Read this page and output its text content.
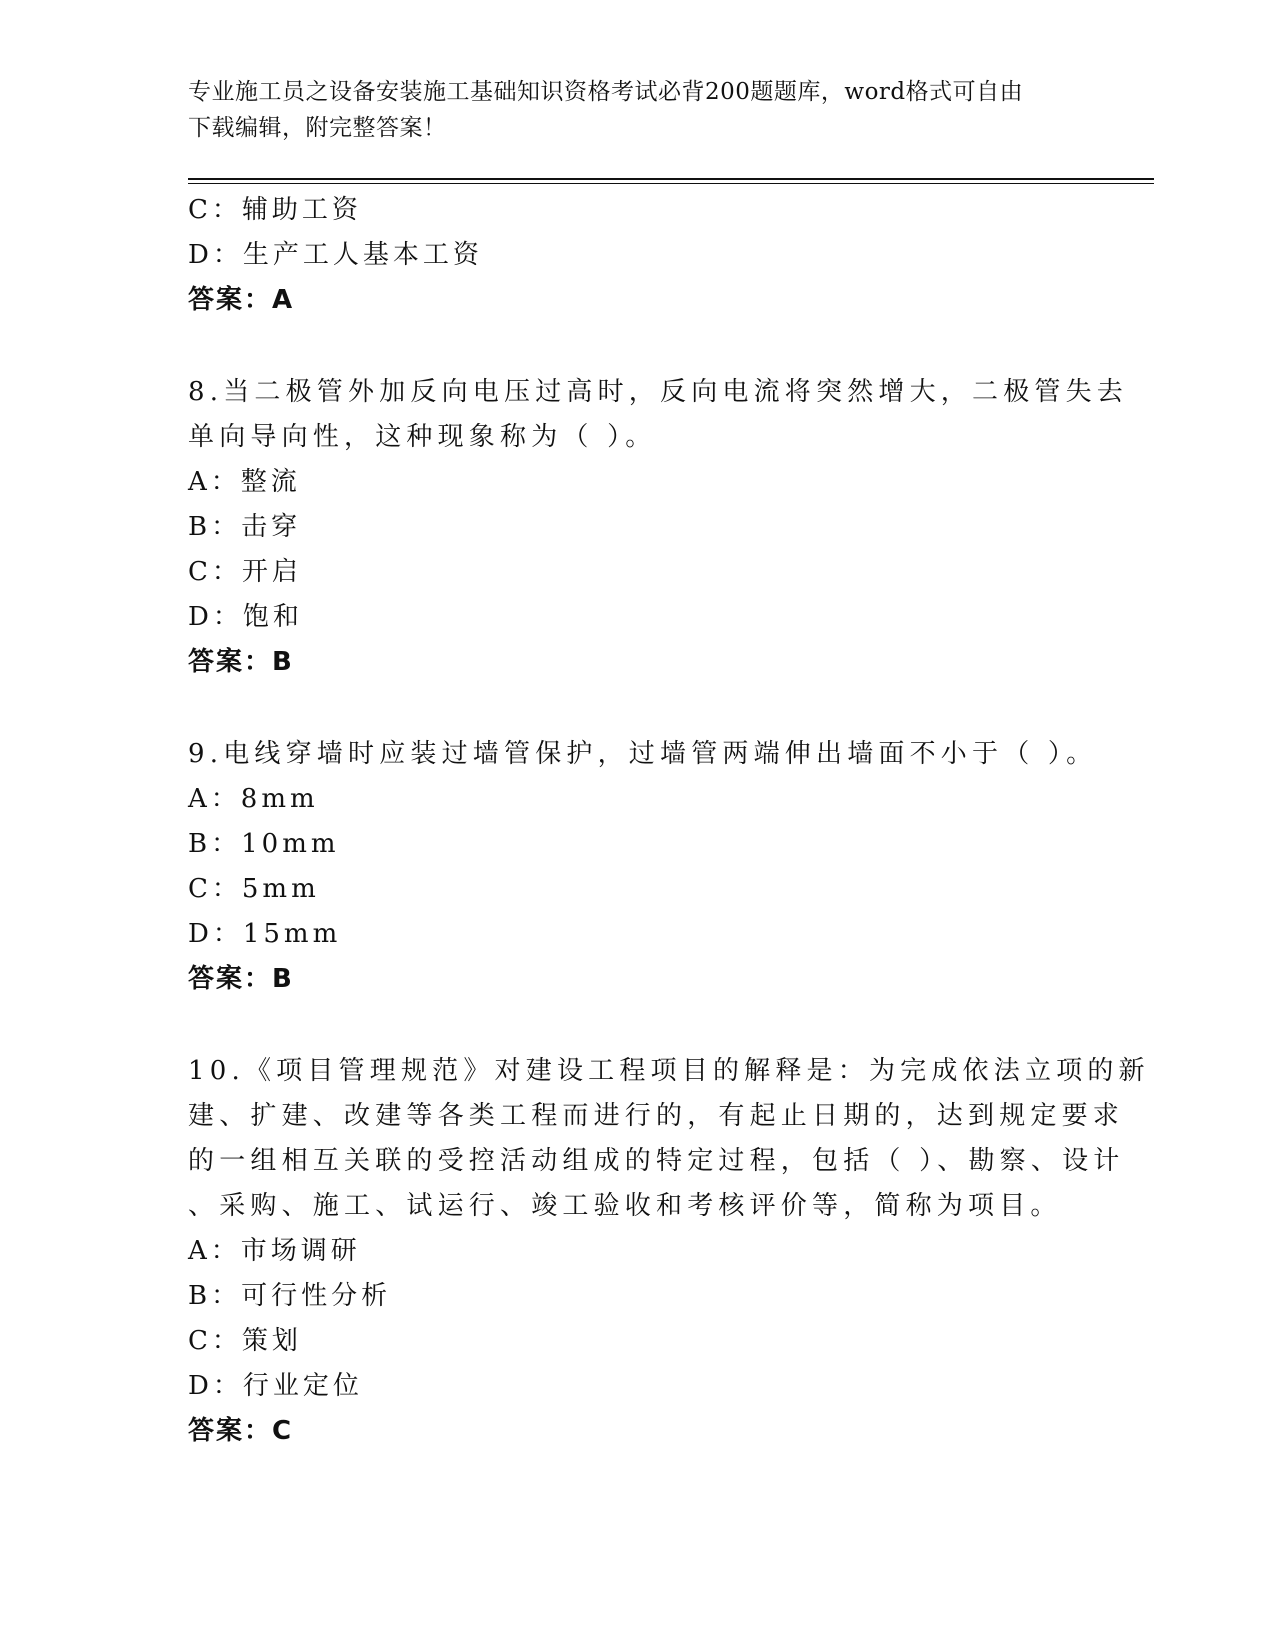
专业施工员之设备安装施工基础知识资格考试必背200题题库，word格式可自由
下载编辑，附完整答案！
C：辅助工资
D：生产工人基本工资
答案：A
8.当二极管外加反向电压过高时，反向电流将突然增大，二极管失去
单向导向性，这种现象称为（ ）。
A：整流
B：击穿
C：开启
D：饱和
答案：B
9.电线穿墙时应装过墙管保护，过墙管两端伸出墙面不小于（ ）。
A：8mm
B：10mm
C：5mm
D：15mm
答案：B
10.《项目管理规范》对建设工程项目的解释是：为完成依法立项的新
建、扩建、改建等各类工程而进行的，有起止日期的，达到规定要求
的一组相互关联的受控活动组成的特定过程，包括（ ）、勘察、设计
、采购、施工、试运行、竣工验收和考核评价等，简称为项目。
A：市场调研
B：可行性分析
C：策划
D：行业定位
答案：C
